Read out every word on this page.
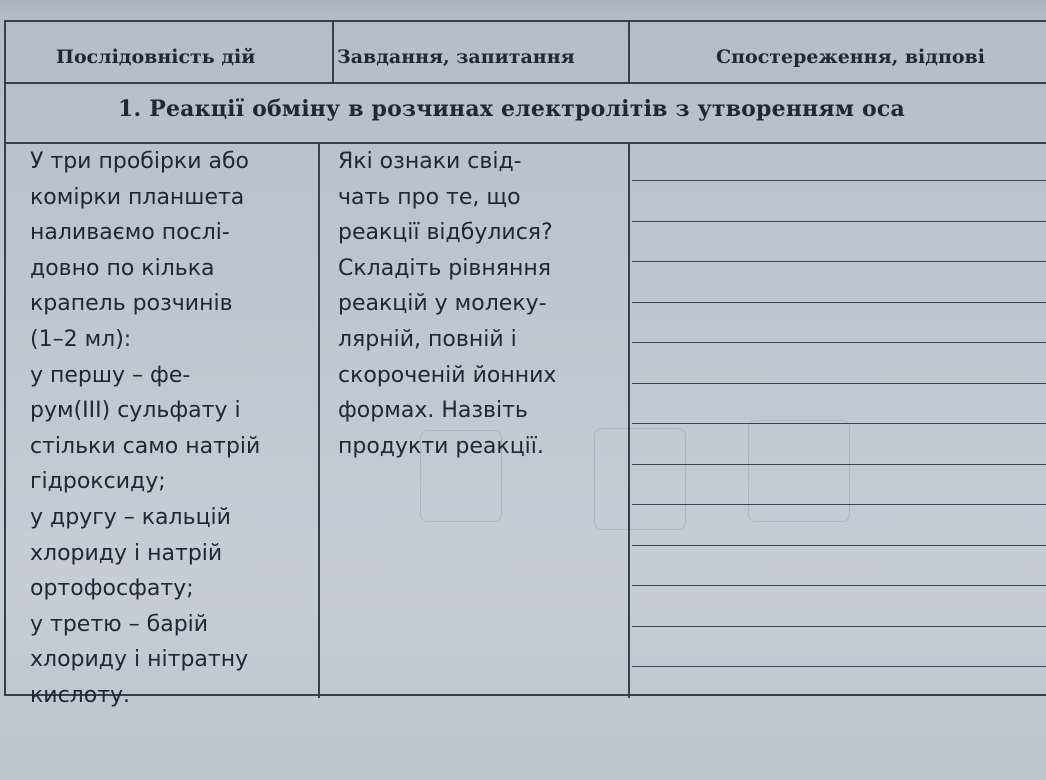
Послідовність дій	Завдання, запитання	Спостереження, відпові
1. Реакції обміну в розчинах електролітів з утворенням оса
У три пробірки або
комірки планшета
наливаємо послі-
довно по кілька
крапель розчинів
(1–2 мл):
у першу – фе-
рум(III) сульфату і
стільки само натрій
гідроксиду;
у другу – кальцій
хлориду і натрій
ортофосфату;
у третю – барій
хлориду і нітратну
кислоту.
Які ознаки свід-
чать про те, що
реакції відбулися?
Складіть рівняння
реакцій у молеку-
лярній, повній і
скороченій йонних
формах. Назвіть
продукти реакції.
